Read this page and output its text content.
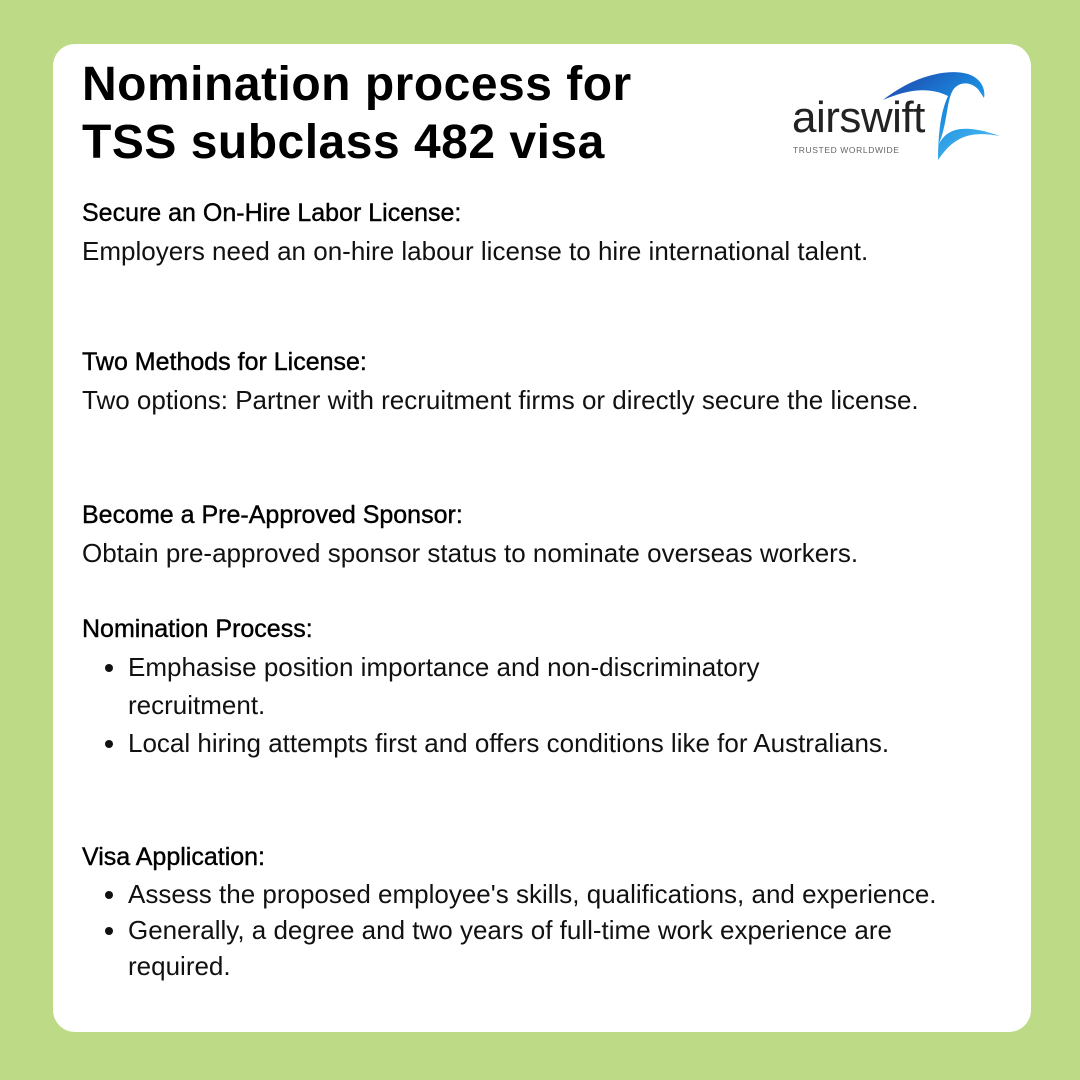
Nomination process for
TSS subclass 482 visa	airswift
TRUSTED WORLDWIDE
Secure an On-Hire Labor License:

Employers need an on-hire labour license to hire international talent.

Two Methods for License:

Two options: Partner with recruitment firms or directly secure the license.

Become a Pre-Approved Sponsor:

Obtain pre-approved sponsor status to nominate overseas workers.

Nomination Process:
• Emphasise position importance and non-discriminatory recruitment.
• Local hiring attempts first and offers conditions like for Australians.
Visa Application:
• Assess the proposed employee's skills, qualifications, and experience.
• Generally, a degree and two years of full-time work experience are required.
